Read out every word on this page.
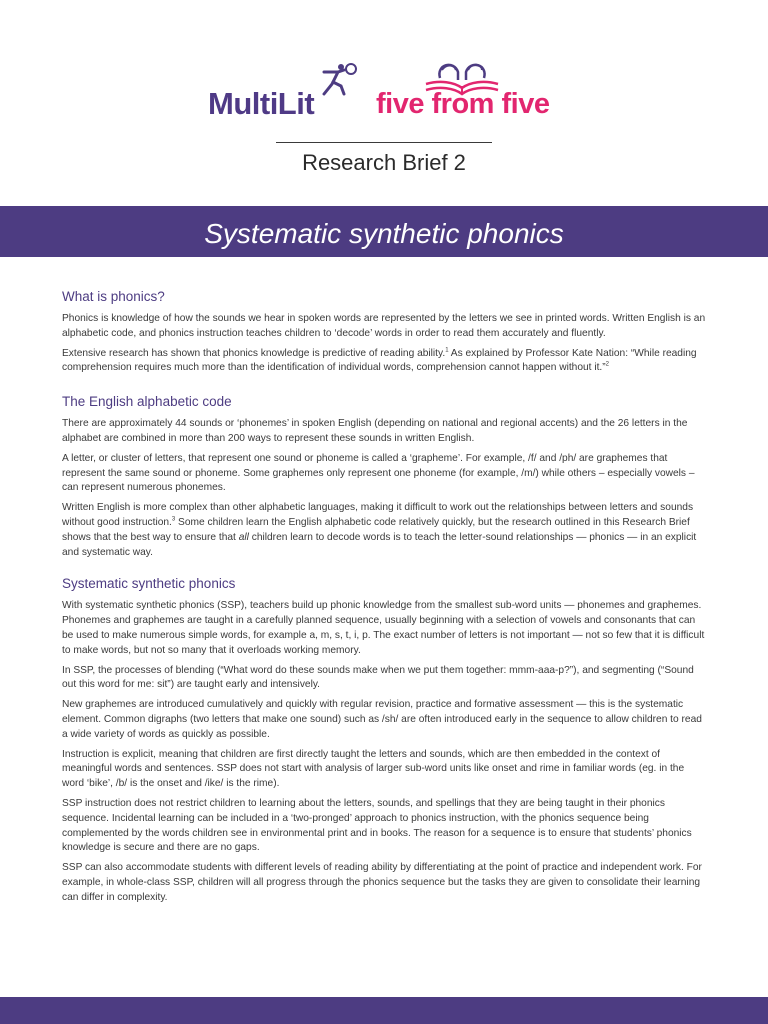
MultiLit five from five
Research Brief 2
Systematic synthetic phonics
What is phonics?

Phonics is knowledge of how the sounds we hear in spoken words are represented by the letters we see in printed words. Written English is an alphabetic code, and phonics instruction teaches children to ‘decode’ words in order to read them accurately and fluently.

Extensive research has shown that phonics knowledge is predictive of reading ability.$^1$ As explained by Professor Kate Nation: “While reading comprehension requires much more than the identification of individual words, comprehension cannot happen without it.”$^2$

The English alphabetic code

There are approximately 44 sounds or ‘phonemes’ in spoken English (depending on national and regional accents) and the 26 letters in the alphabet are combined in more than 200 ways to represent these sounds in written English.

A letter, or cluster of letters, that represent one sound or phoneme is called a ‘grapheme’. For example, /f/ and /ph/ are graphemes that represent the same sound or phoneme. Some graphemes only represent one phoneme (for example, /m/) while others – especially vowels – can represent numerous phonemes.

Written English is more complex than other alphabetic languages, making it difficult to work out the relationships between letters and sounds without good instruction.$^3$ Some children learn the English alphabetic code relatively quickly, but the research outlined in this Research Brief shows that the best way to ensure that all children learn to decode words is to teach the letter-sound relationships — phonics — in an explicit and systematic way.

Systematic synthetic phonics

With systematic synthetic phonics (SSP), teachers build up phonic knowledge from the smallest sub-word units — phonemes and graphemes. Phonemes and graphemes are taught in a carefully planned sequence, usually beginning with a selection of vowels and consonants that can be used to make numerous simple words, for example a, m, s, t, i, p. The exact number of letters is not important — not so few that it is difficult to make words, but not so many that it overloads working memory.

In SSP, the processes of blending (“What word do these sounds make when we put them together: mmm-aaa-p?”), and segmenting (“Sound out this word for me: sit”) are taught early and intensively.

New graphemes are introduced cumulatively and quickly with regular revision, practice and formative assessment — this is the systematic element. Common digraphs (two letters that make one sound) such as /sh/ are often introduced early in the sequence to allow children to read a wide variety of words as quickly as possible.

Instruction is explicit, meaning that children are first directly taught the letters and sounds, which are then embedded in the context of meaningful words and sentences. SSP does not start with analysis of larger sub-word units like onset and rime in familiar words (eg. in the word ‘bike’, /b/ is the onset and /ike/ is the rime).

SSP instruction does not restrict children to learning about the letters, sounds, and spellings that they are being taught in their phonics sequence. Incidental learning can be included in a ‘two-pronged’ approach to phonics instruction, with the phonics sequence being complemented by the words children see in environmental print and in books. The reason for a sequence is to ensure that students’ phonics knowledge is secure and there are no gaps.

SSP can also accommodate students with different levels of reading ability by differentiating at the point of practice and independent work. For example, in whole-class SSP, children will all progress through the phonics sequence but the tasks they are given to consolidate their learning can differ in complexity.
